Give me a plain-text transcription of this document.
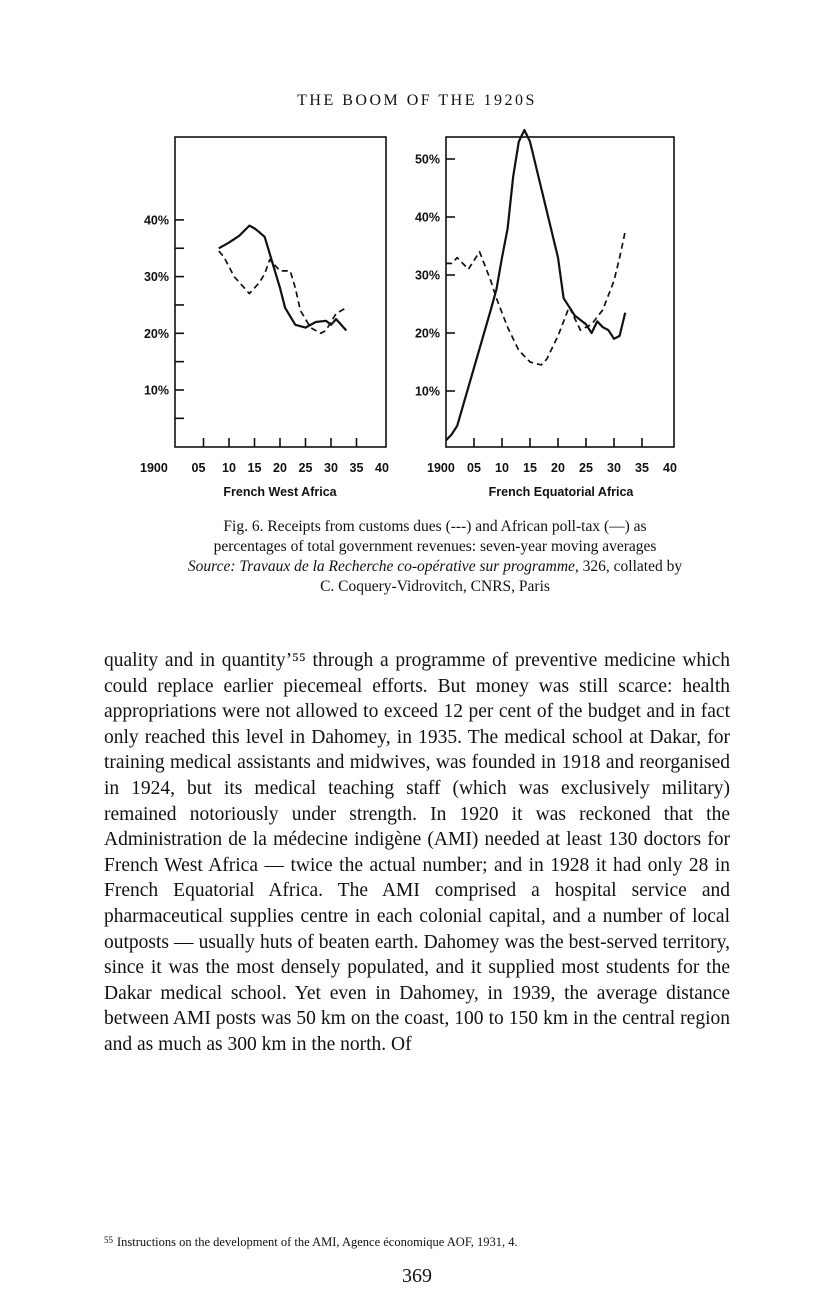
THE BOOM OF THE 1920S
10%
20%
30%
40%
1900 05 10 15 20 25 30 35 40
French West Africa
10%
20%
30%
40%
50%
1900 05 10 15 20 25 30 35 40
French Equatorial Africa
Fig. 6. Receipts from customs dues (---) and African poll-tax (—) as
percentages of total government revenues: seven-year moving averages
Source: Travaux de la Recherche co-opérative sur programme, 326, collated by
C. Coquery-Vidrovitch, CNRS, Paris

quality and in quantity’⁵⁵ through a programme of preventive medicine which could replace earlier piecemeal efforts. But money was still scarce: health appropriations were not allowed to exceed 12 per cent of the budget and in fact only reached this level in Dahomey, in 1935. The medical school at Dakar, for training medical assistants and midwives, was founded in 1918 and reorganised in 1924, but its medical teaching staff (which was exclusively military) remained notoriously under strength. In 1920 it was reckoned that the Administration de la médecine indigène (AMI) needed at least 130 doctors for French West Africa — twice the actual number; and in 1928 it had only 28 in French Equatorial Africa. The AMI comprised a hospital service and pharmaceutical supplies centre in each colonial capital, and a number of local outposts — usually huts of beaten earth. Dahomey was the best-served territory, since it was the most densely populated, and it supplied most students for the Dakar medical school. Yet even in Dahomey, in 1939, the average distance between AMI posts was 50 km on the coast, 100 to 150 km in the central region and as much as 300 km in the north. Of

$^{55}$ Instructions on the development of the AMI, Agence économique AOF, 1931, 4.
369
